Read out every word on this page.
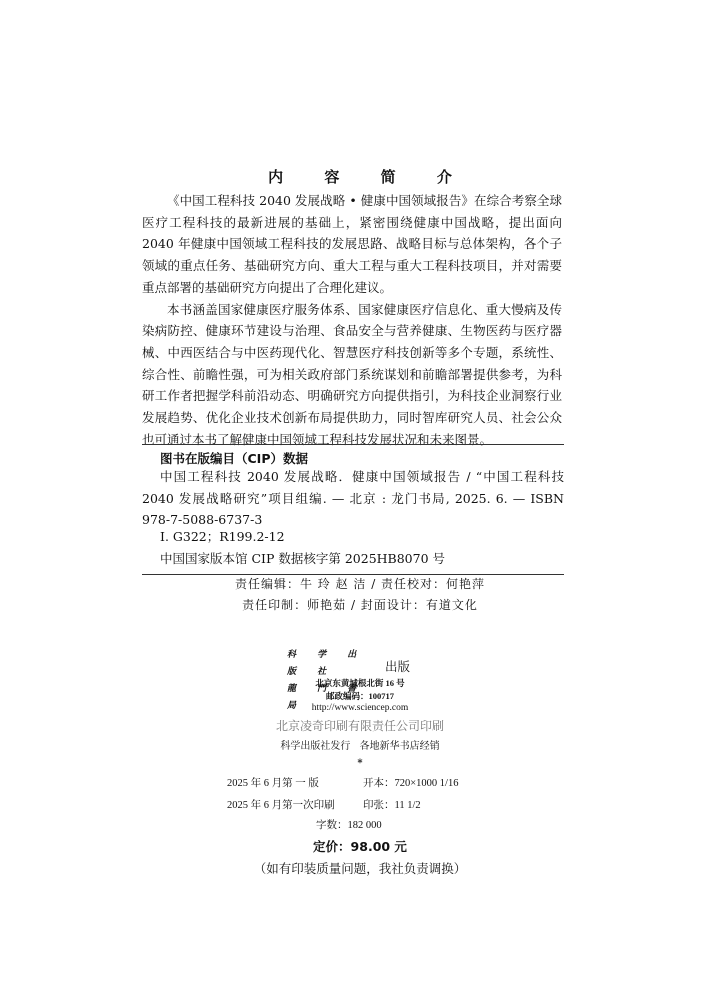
内 容 简 介

《中国工程科技 2040 发展战略 • 健康中国领域报告》在综合考察全球医疗工程科技的最新进展的基础上，紧密围绕健康中国战略，提出面向 2040 年健康中国领域工程科技的发展思路、战略目标与总体架构，各个子领域的重点任务、基础研究方向、重大工程与重大工程科技项目，并对需要重点部署的基础研究方向提出了合理化建议。

本书涵盖国家健康医疗服务体系、国家健康医疗信息化、重大慢病及传染病防控、健康环节建设与治理、食品安全与营养健康、生物医药与医疗器械、中西医结合与中医药现代化、智慧医疗科技创新等多个专题，系统性、综合性、前瞻性强，可为相关政府部门系统谋划和前瞻部署提供参考，为科研工作者把握学科前沿动态、明确研究方向提供指引，为科技企业洞察行业发展趋势、优化企业技术创新布局提供助力，同时智库研究人员、社会公众也可通过本书了解健康中国领域工程科技发展状况和未来图景。

图书在版编目（CIP）数据

中国工程科技 2040 发展战略．健康中国领域报告 / “中国工程科技 2040 发展战略研究”项目组编. — 北京 : 龙门书局, 2025. 6. — ISBN 978-7-5088-6737-3

Ⅰ. G322；R199.2-12
中国国家版本馆 CIP 数据核字第 2025HB8070 号
责任编辑：牛 玲 赵 洁 / 责任校对：何艳萍
责任印制：师艳茹 / 封面设计：有道文化
科 学 出 版 社
龍 門 書 局
出版
北京东黄城根北街 16 号
邮政编码：100717
http://www.sciencep.com
北京凌奇印刷有限责任公司印刷
科学出版社发行 各地新华书店经销
*
2025 年 6 月第 一 版	开本：720×1000 1/16
2025 年 6 月第一次印刷	印张：11 1/2
字数：182 000
定价：98.00 元
（如有印装质量问题，我社负责调换）
